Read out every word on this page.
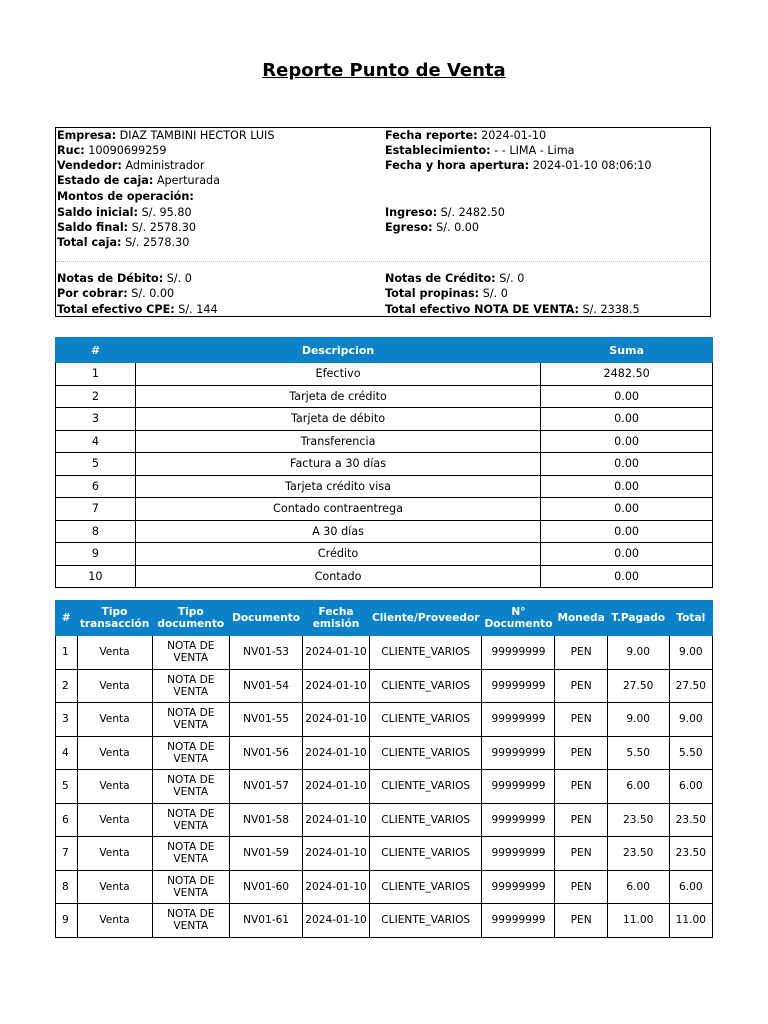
Reporte Punto de Venta
Empresa: DIAZ TAMBINI HECTOR LUIS
Ruc: 10090699259
Vendedor: Administrador
Estado de caja: Aperturada
Montos de operación:
Saldo inicial: S/. 95.80
Saldo final: S/. 2578.30
Total caja: S/. 2578.30
Notas de Débito: S/. 0
Por cobrar: S/. 0.00
Total efectivo CPE: S/. 144
Fecha reporte: 2024-01-10
Establecimiento: - - LIMA - Lima
Fecha y hora apertura: 2024-01-10 08:06:10
Ingreso: S/. 2482.50
Egreso: S/. 0.00
Notas de Crédito: S/. 0
Total propinas: S/. 0
Total efectivo NOTA DE VENTA: S/. 2338.5
#	Descripcion	Suma
1	Efectivo	2482.50
2	Tarjeta de crédito	0.00
3	Tarjeta de débito	0.00
4	Transferencia	0.00
5	Factura a 30 días	0.00
6	Tarjeta crédito visa	0.00
7	Contado contraentrega	0.00
8	A 30 días	0.00
9	Crédito	0.00
10	Contado	0.00
#	Tipo transacción	Tipo documento	Documento	Fecha emisión	Cliente/Proveedor	N° Documento	Moneda	T.Pagado	Total
1	Venta	NOTA DE VENTA	NV01-53	2024-01-10	CLIENTE_VARIOS	99999999	PEN	9.00	9.00
2	Venta	NOTA DE VENTA	NV01-54	2024-01-10	CLIENTE_VARIOS	99999999	PEN	27.50	27.50
3	Venta	NOTA DE VENTA	NV01-55	2024-01-10	CLIENTE_VARIOS	99999999	PEN	9.00	9.00
4	Venta	NOTA DE VENTA	NV01-56	2024-01-10	CLIENTE_VARIOS	99999999	PEN	5.50	5.50
5	Venta	NOTA DE VENTA	NV01-57	2024-01-10	CLIENTE_VARIOS	99999999	PEN	6.00	6.00
6	Venta	NOTA DE VENTA	NV01-58	2024-01-10	CLIENTE_VARIOS	99999999	PEN	23.50	23.50
7	Venta	NOTA DE VENTA	NV01-59	2024-01-10	CLIENTE_VARIOS	99999999	PEN	23.50	23.50
8	Venta	NOTA DE VENTA	NV01-60	2024-01-10	CLIENTE_VARIOS	99999999	PEN	6.00	6.00
9	Venta	NOTA DE VENTA	NV01-61	2024-01-10	CLIENTE_VARIOS	99999999	PEN	11.00	11.00
